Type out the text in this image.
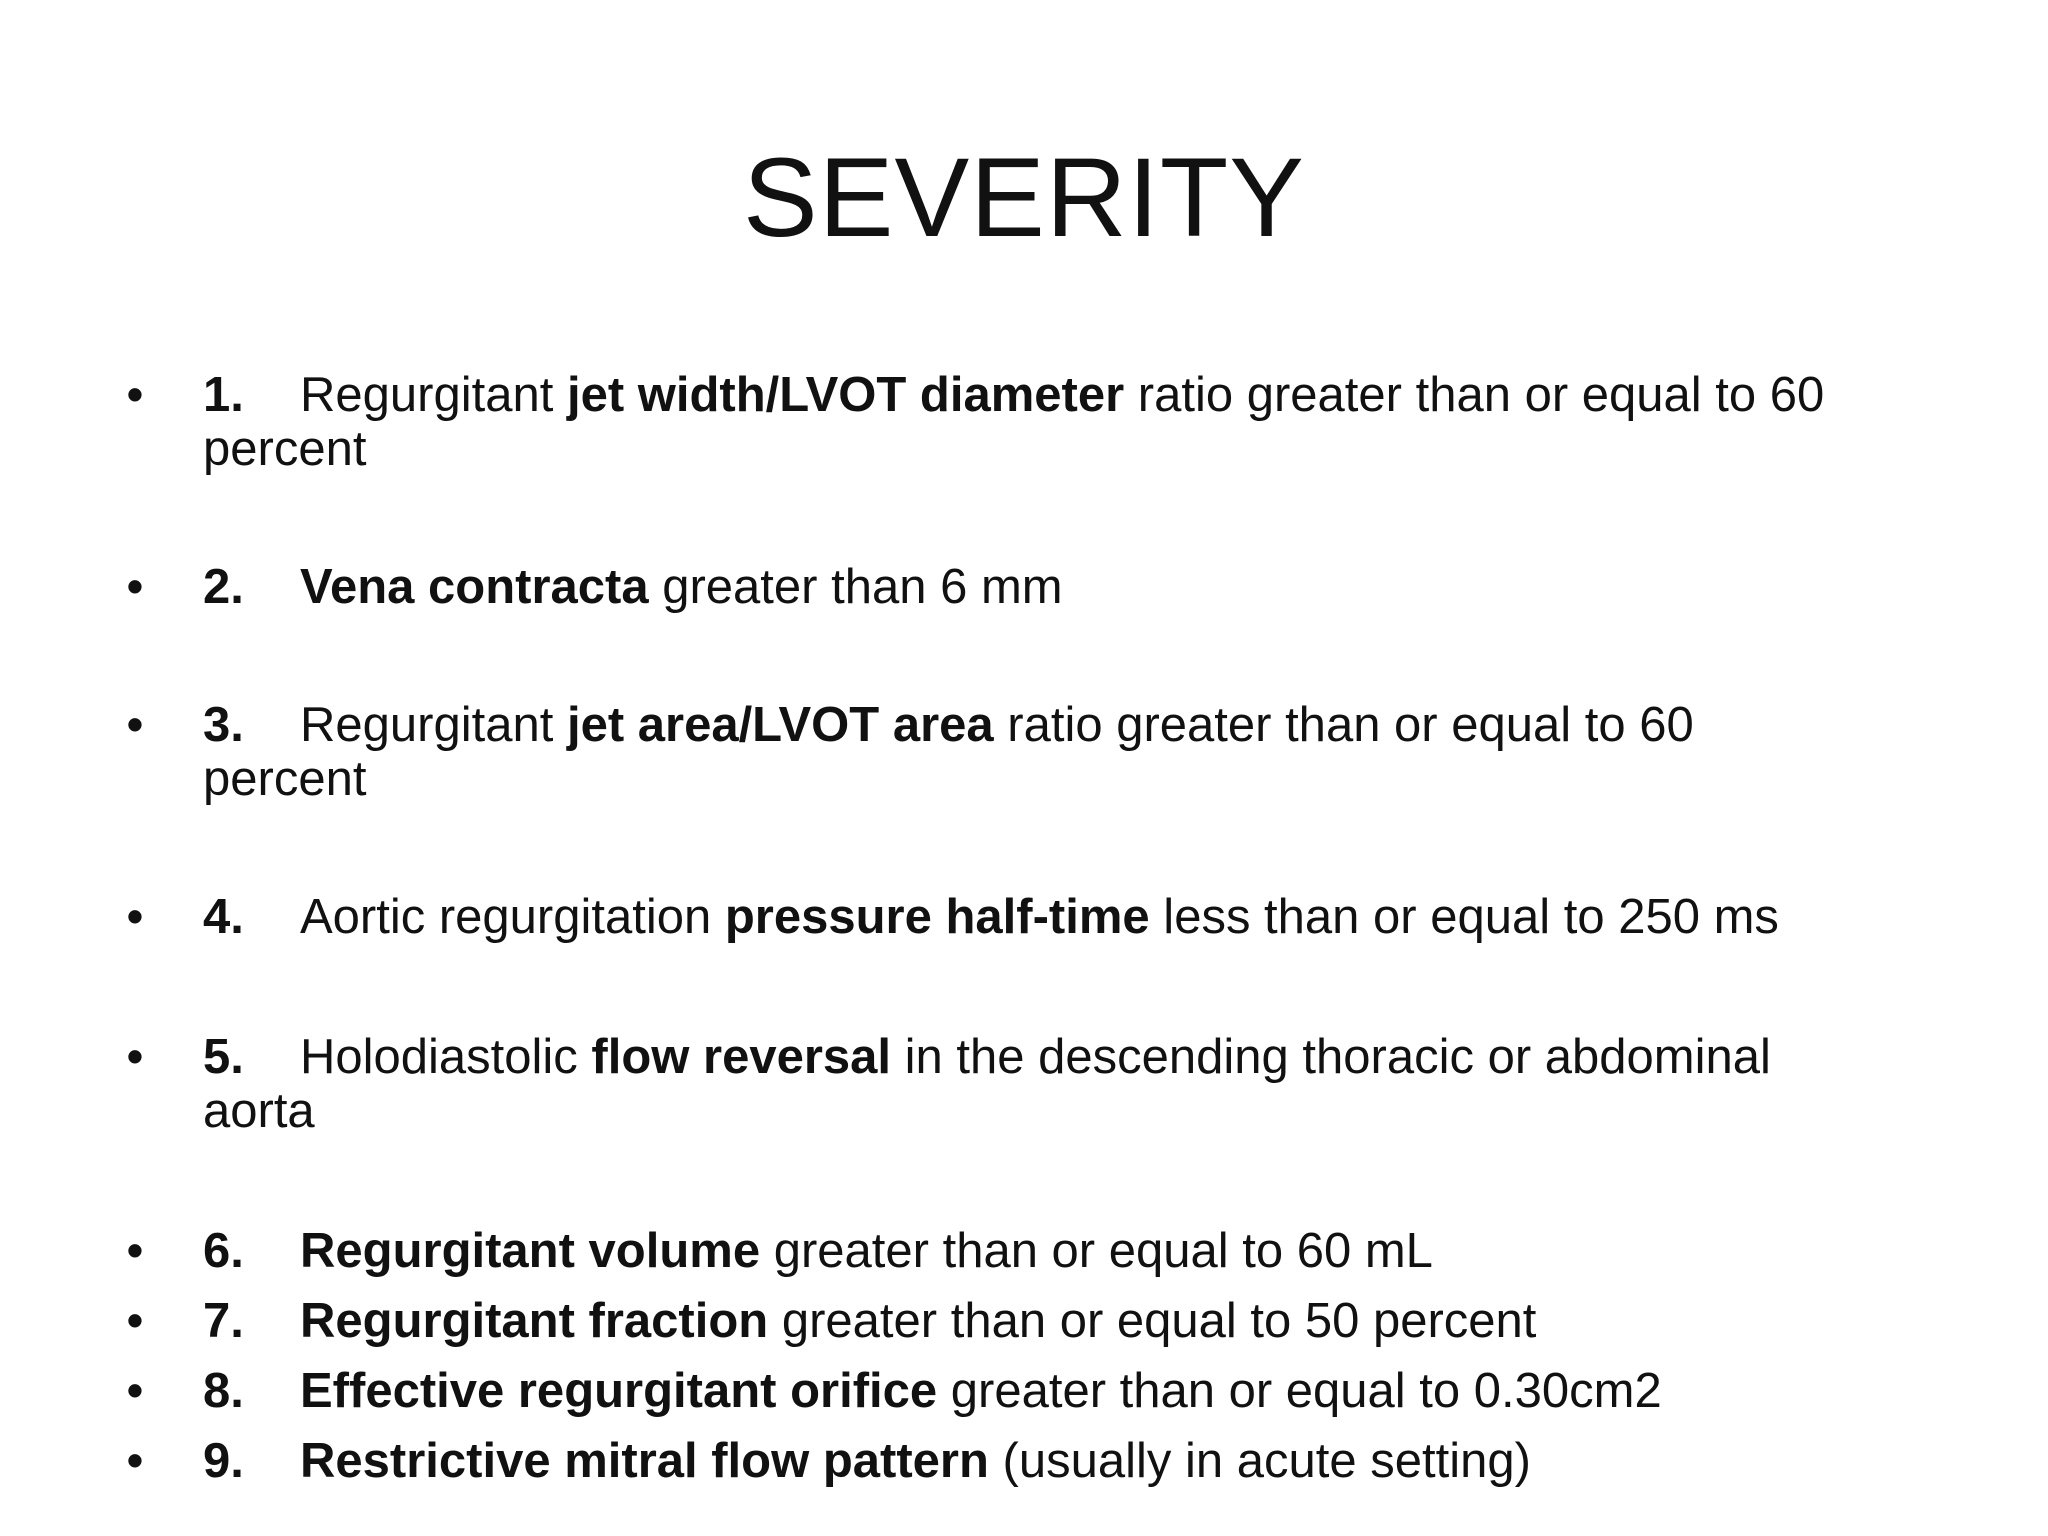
SEVERITY
• 1. Regurgitant jet width/LVOT diameter ratio greater than or equal to 60 percent
• 2. Vena contracta greater than 6 mm
• 3. Regurgitant jet area/LVOT area ratio greater than or equal to 60 percent
• 4. Aortic regurgitation pressure half-time less than or equal to 250 ms
• 5. Holodiastolic flow reversal in the descending thoracic or abdominal aorta
• 6. Regurgitant volume greater than or equal to 60 mL
• 7. Regurgitant fraction greater than or equal to 50 percent
• 8. Effective regurgitant orifice greater than or equal to 0.30cm2
• 9. Restrictive mitral flow pattern (usually in acute setting)
